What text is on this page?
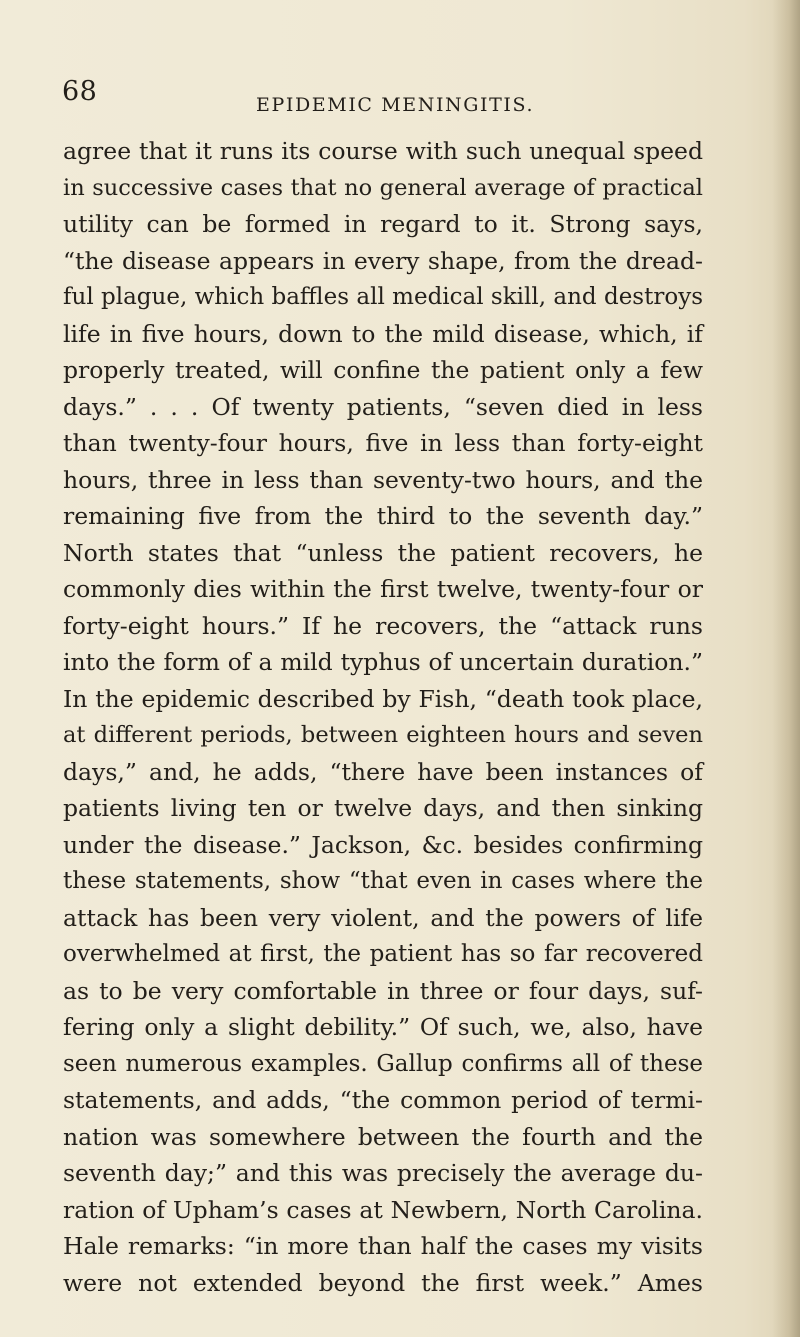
68	EPIDEMIC MENINGITIS.
agree that it runs its course with such unequal speed
in successive cases that no general average of practical
utility can be formed in regard to it. Strong says,
“the disease appears in every shape, from the dread-
ful plague, which baffles all medical skill, and destroys
life in five hours, down to the mild disease, which, if
properly treated, will confine the patient only a few
days.” . . . Of twenty patients, “seven died in less
than twenty-four hours, five in less than forty-eight
hours, three in less than seventy-two hours, and the
remaining five from the third to the seventh day.”
North states that “unless the patient recovers, he
commonly dies within the first twelve, twenty-four or
forty-eight hours.” If he recovers, the “attack runs
into the form of a mild typhus of uncertain duration.”
In the epidemic described by Fish, “death took place,
at different periods, between eighteen hours and seven
days,” and, he adds, “there have been instances of
patients living ten or twelve days, and then sinking
under the disease.” Jackson, &c. besides confirming
these statements, show “that even in cases where the
attack has been very violent, and the powers of life
overwhelmed at first, the patient has so far recovered
as to be very comfortable in three or four days, suf-
fering only a slight debility.” Of such, we, also, have
seen numerous examples. Gallup confirms all of these
statements, and adds, “the common period of termi-
nation was somewhere between the fourth and the
seventh day;” and this was precisely the average du-
ration of Upham’s cases at Newbern, North Carolina.
Hale remarks: “in more than half the cases my visits
were not extended beyond the first week.” Ames
